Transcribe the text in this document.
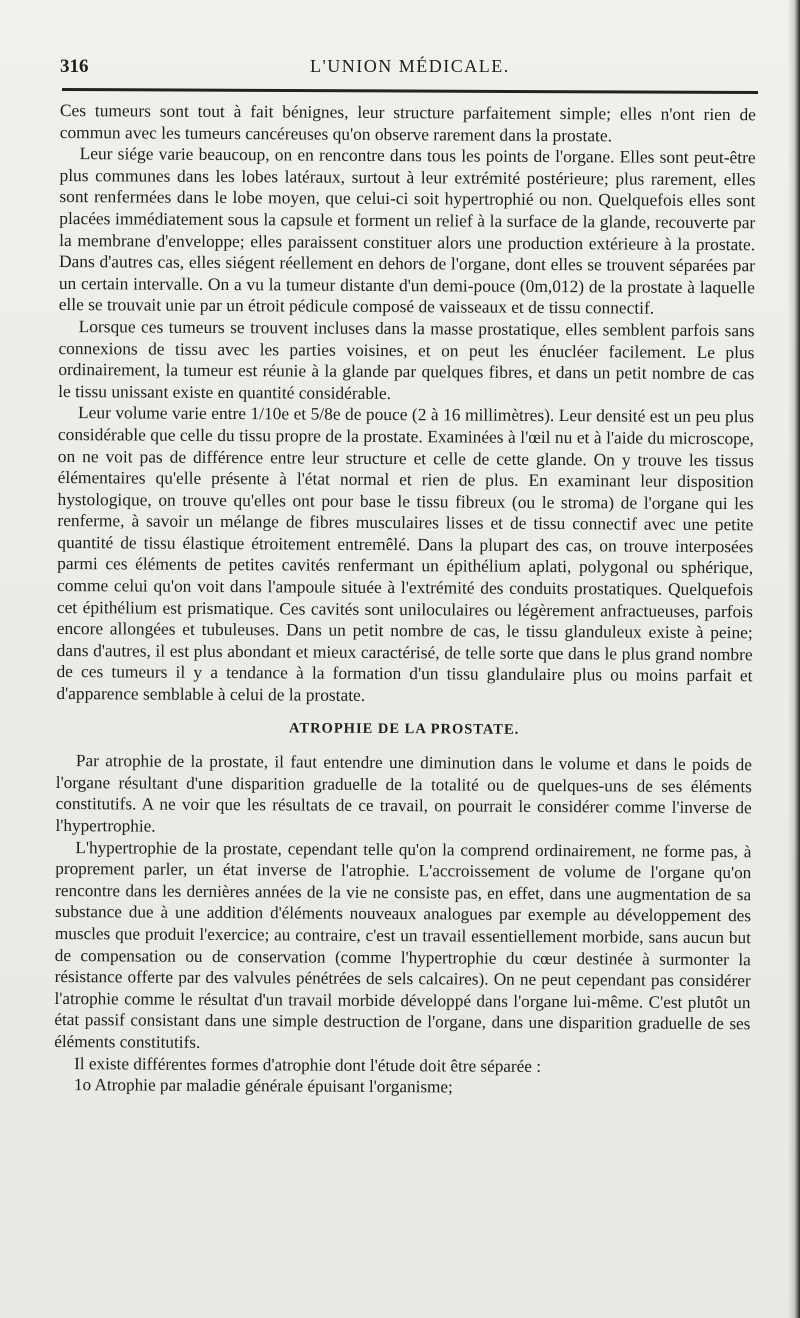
316	L'UNION MÉDICALE.

Ces tumeurs sont tout à fait bénignes, leur structure parfaitement simple; elles n'ont rien de commun avec les tumeurs cancéreuses qu'on observe rarement dans la prostate.

Leur siége varie beaucoup, on en rencontre dans tous les points de l'organe. Elles sont peut-être plus communes dans les lobes latéraux, surtout à leur extrémité postérieure; plus rarement, elles sont renfermées dans le lobe moyen, que celui-ci soit hypertrophié ou non. Quelquefois elles sont placées immédiatement sous la capsule et forment un relief à la surface de la glande, recouverte par la membrane d'enveloppe; elles paraissent constituer alors une production extérieure à la prostate. Dans d'autres cas, elles siégent réellement en dehors de l'organe, dont elles se trouvent séparées par un certain intervalle. On a vu la tumeur distante d'un demi-pouce (0m,012) de la prostate à laquelle elle se trouvait unie par un étroit pédicule composé de vaisseaux et de tissu connectif.

Lorsque ces tumeurs se trouvent incluses dans la masse prostatique, elles semblent parfois sans connexions de tissu avec les parties voisines, et on peut les énucléer facilement. Le plus ordinairement, la tumeur est réunie à la glande par quelques fibres, et dans un petit nombre de cas le tissu unissant existe en quantité considérable.

Leur volume varie entre 1/10e et 5/8e de pouce (2 à 16 millimètres). Leur densité est un peu plus considérable que celle du tissu propre de la prostate. Examinées à l'œil nu et à l'aide du microscope, on ne voit pas de différence entre leur structure et celle de cette glande. On y trouve les tissus élémentaires qu'elle présente à l'état normal et rien de plus. En examinant leur disposition hystologique, on trouve qu'elles ont pour base le tissu fibreux (ou le stroma) de l'organe qui les renferme, à savoir un mélange de fibres musculaires lisses et de tissu connectif avec une petite quantité de tissu élastique étroitement entremêlé. Dans la plupart des cas, on trouve interposées parmi ces éléments de petites cavités renfermant un épithélium aplati, polygonal ou sphérique, comme celui qu'on voit dans l'ampoule située à l'extrémité des conduits prostatiques. Quelquefois cet épithélium est prismatique. Ces cavités sont uniloculaires ou légèrement anfractueuses, parfois encore allongées et tubuleuses. Dans un petit nombre de cas, le tissu glanduleux existe à peine; dans d'autres, il est plus abondant et mieux caractérisé, de telle sorte que dans le plus grand nombre de ces tumeurs il y a tendance à la formation d'un tissu glandulaire plus ou moins parfait et d'apparence semblable à celui de la prostate.

ATROPHIE DE LA PROSTATE.

Par atrophie de la prostate, il faut entendre une diminution dans le volume et dans le poids de l'organe résultant d'une disparition graduelle de la totalité ou de quelques-uns de ses éléments constitutifs. A ne voir que les résultats de ce travail, on pourrait le considérer comme l'inverse de l'hypertrophie.

L'hypertrophie de la prostate, cependant telle qu'on la comprend ordinairement, ne forme pas, à proprement parler, un état inverse de l'atrophie. L'accroissement de volume de l'organe qu'on rencontre dans les dernières années de la vie ne consiste pas, en effet, dans une augmentation de sa substance due à une addition d'éléments nouveaux analogues par exemple au développement des muscles que produit l'exercice; au contraire, c'est un travail essentiellement morbide, sans aucun but de compensation ou de conservation (comme l'hypertrophie du cœur destinée à surmonter la résistance offerte par des valvules pénétrées de sels calcaires). On ne peut cependant pas considérer l'atrophie comme le résultat d'un travail morbide développé dans l'organe lui-même. C'est plutôt un état passif consistant dans une simple destruction de l'organe, dans une disparition graduelle de ses éléments constitutifs.

Il existe différentes formes d'atrophie dont l'étude doit être séparée :

1o Atrophie par maladie générale épuisant l'organisme;
